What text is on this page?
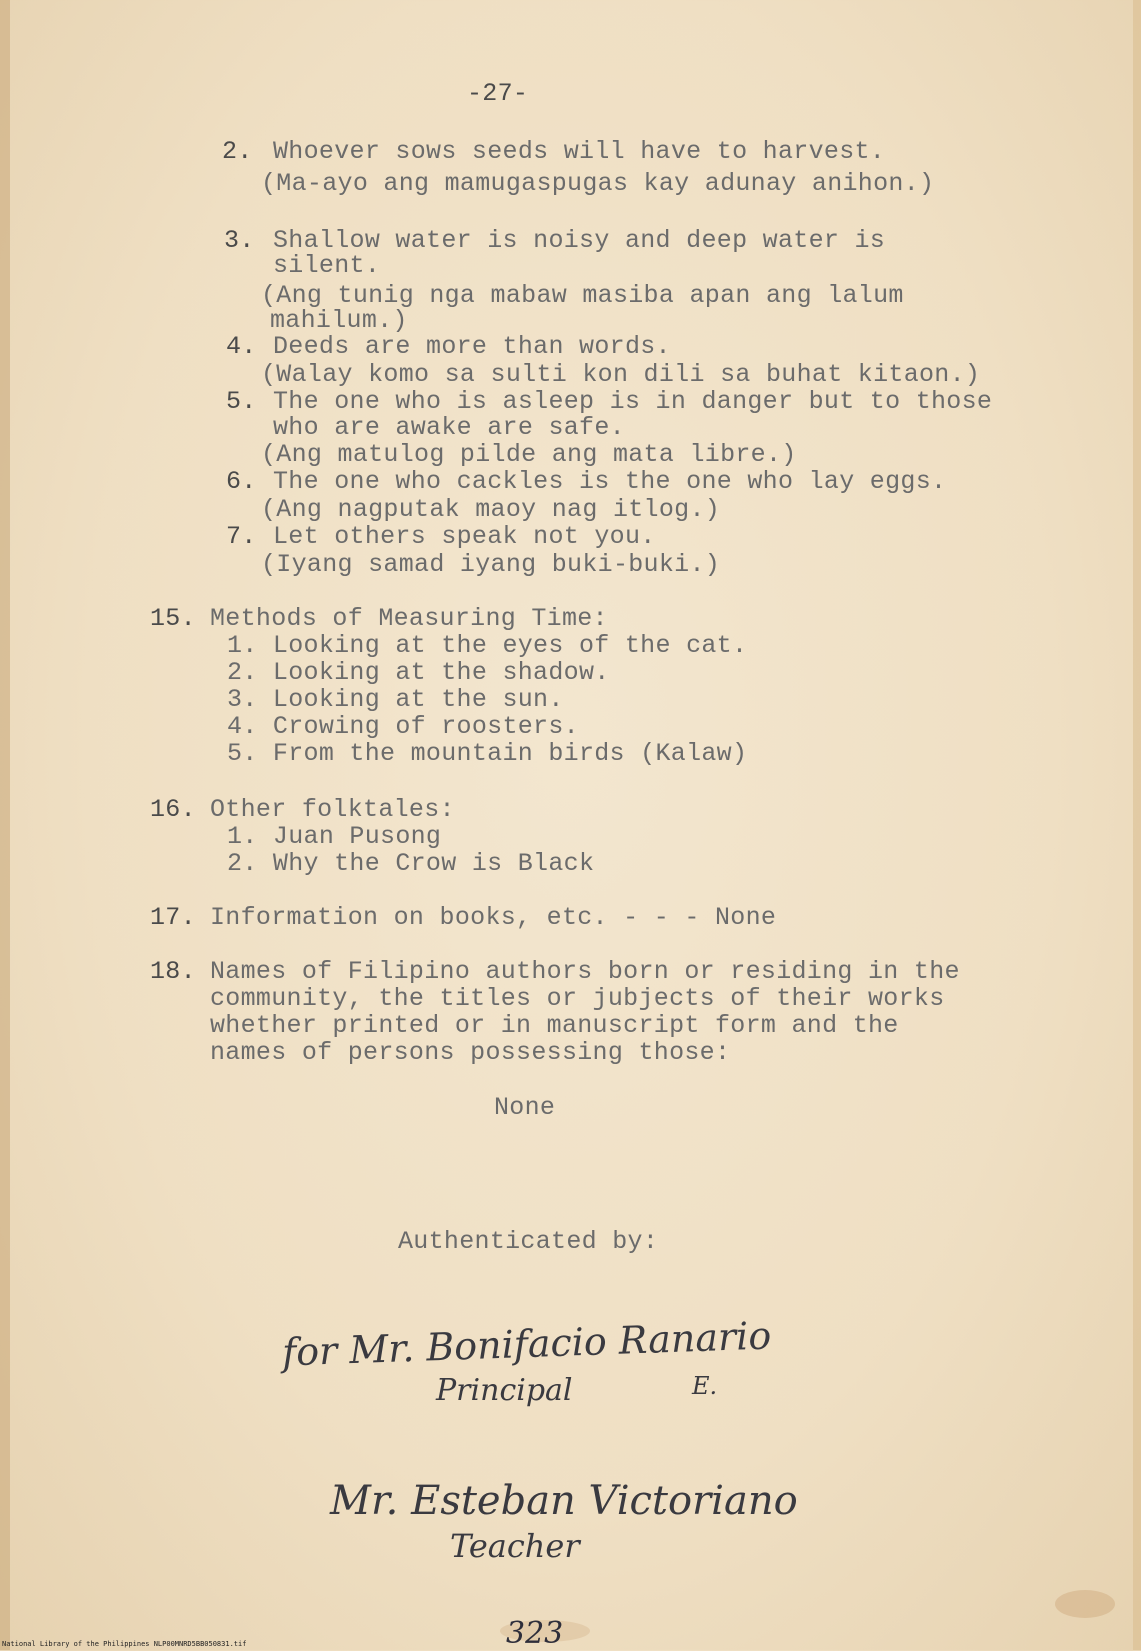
-27-
2. Whoever sows seeds will have to harvest.
(Ma-ayo ang mamugaspugas kay adunay anihon.)
3. Shallow water is noisy and deep water is
silent.
(Ang tunig nga mabaw masiba apan ang lalum
mahilum.)
4. Deeds are more than words.
(Walay komo sa sulti kon dili sa buhat kitaon.)
5. The one who is asleep is in danger but to those
who are awake are safe.
(Ang matulog pilde ang mata libre.)
6. The one who cackles is the one who lay eggs.
(Ang nagputak maoy nag itlog.)
7. Let others speak not you.
(Iyang samad iyang buki-buki.)
15. Methods of Measuring Time:
1. Looking at the eyes of the cat.
2. Looking at the shadow.
3. Looking at the sun.
4. Crowing of roosters.
5. From the mountain birds (Kalaw)
16. Other folktales:
1. Juan Pusong
2. Why the Crow is Black
17. Information on books, etc. - - - None
18. Names of Filipino authors born or residing in the
community, the titles or jubjects of their works
whether printed or in manuscript form and the
names of persons possessing those:
None
Authenticated by:
for Mr. Bonifacio Ranario
Principal	E.
Mr. Esteban Victoriano
Teacher
323
National Library of the Philippines NLP00MNRD5BB050831.tif
